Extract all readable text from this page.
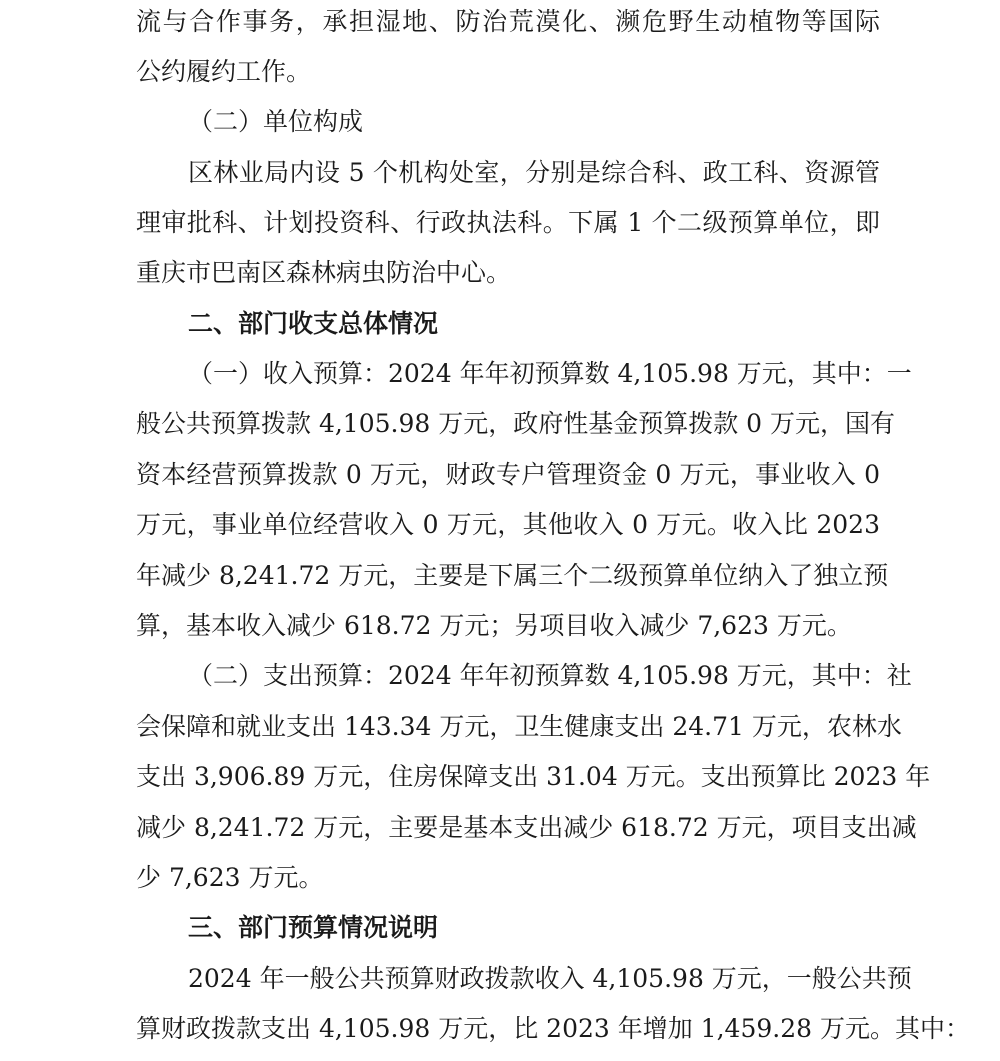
流与合作事务，承担湿地、防治荒漠化、濒危野生动植物等国际
公约履约工作。
（二）单位构成
区林业局内设 5 个机构处室，分别是综合科、政工科、资源管
理审批科、计划投资科、行政执法科。下属 1 个二级预算单位，即
重庆市巴南区森林病虫防治中心。
二、部门收支总体情况
（一）收入预算：2024 年年初预算数 4,105.98 万元，其中：一
般公共预算拨款 4,105.98 万元，政府性基金预算拨款 0 万元，国有
资本经营预算拨款 0 万元，财政专户管理资金 0 万元，事业收入 0
万元，事业单位经营收入 0 万元，其他收入 0 万元。收入比 2023
年减少 8,241.72 万元，主要是下属三个二级预算单位纳入了独立预
算，基本收入减少 618.72 万元；另项目收入减少 7,623 万元。
（二）支出预算：2024 年年初预算数 4,105.98 万元，其中：社
会保障和就业支出 143.34 万元，卫生健康支出 24.71 万元，农林水
支出 3,906.89 万元，住房保障支出 31.04 万元。支出预算比 2023 年
减少 8,241.72 万元，主要是基本支出减少 618.72 万元，项目支出减
少 7,623 万元。
三、部门预算情况说明
2024 年一般公共预算财政拨款收入 4,105.98 万元，一般公共预
算财政拨款支出 4,105.98 万元，比 2023 年增加 1,459.28 万元。其中：
